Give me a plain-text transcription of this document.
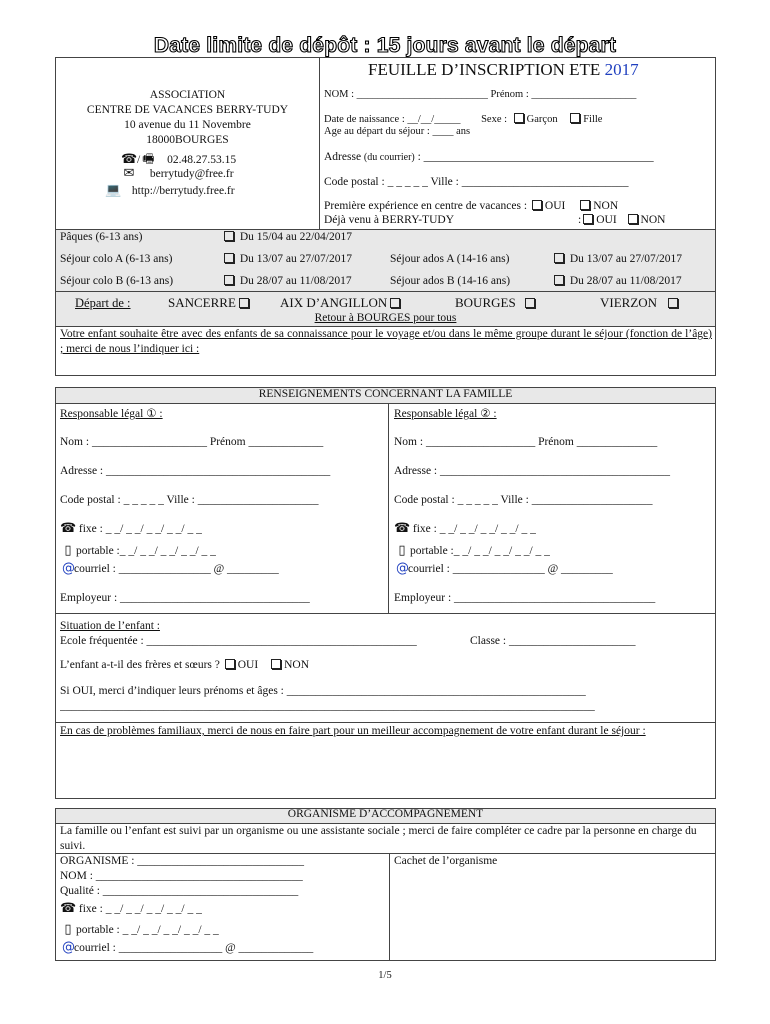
Date limite de dépôt : 15 jours avant le départ
ASSOCIATION
CENTRE DE VACANCES BERRY-TUDY
10 avenue du 11 Novembre
18000BOURGES
☎/ 🖷 02.48.27.53.15
✉ berrytudy@free.fr
💻 http://berrytudy.free.fr
FEUILLE D’INSCRIPTION ETE 2017
NOM : _________________________ Prénom : ____________________
Date de naissance : __/__/_____ Sexe : Garçon Fille
Age au départ du séjour : ____ ans
Adresse (du courrier) : ________________________________________
Code postal : _ _ _ _ _ Ville : _____________________________
Première expérience en centre de vacances : OUI NON
Déjà venu à BERRY-TUDY	: OUI NON
Pâques (6-13 ans)	Du 15/04 au 22/04/2017
Séjour colo A (6-13 ans)	Du 13/07 au 27/07/2017	Séjour ados A (14-16 ans)	Du 13/07 au 27/07/2017
Séjour colo B (6-13 ans)	Du 28/07 au 11/08/2017	Séjour ados B (14-16 ans)	Du 28/07 au 11/08/2017
Départ de :	SANCERRE	AIX D’ANGILLON	BOURGES	VIERZON
Retour à BOURGES pour tous
Votre enfant souhaite être avec des enfants de sa connaissance pour le voyage et/ou dans le même groupe durant le séjour (fonction de l’âge) ; merci de nous l’indiquer ici :
RENSEIGNEMENTS CONCERNANT LA FAMILLE
Responsable légal ① :	Responsable légal ② :
Nom : ____________________ Prénom _____________	Nom : ___________________ Prénom ______________
Adresse : _______________________________________	Adresse : ________________________________________
Code postal : _ _ _ _ _ Ville : _____________________	Code postal : _ _ _ _ _ Ville : _____________________
☎ fixe : _ _/ _ _/ _ _/ _ _/ _ _	☎ fixe : _ _/ _ _/ _ _/ _ _/ _ _
▯ portable :_ _/ _ _/ _ _/ _ _/ _ _	▯ portable :_ _/ _ _/ _ _/ _ _/ _ _
@courriel : ________________ @ _________	@courriel : ________________ @ _________
Employeur : _________________________________	Employeur : ___________________________________
Situation de l’enfant :
Ecole fréquentée : _______________________________________________	Classe : ______________________
L’enfant a-t-il des frères et sœurs ? OUI NON
Si OUI, merci d’indiquer leurs prénoms et âges : ____________________________________________________
_____________________________________________________________________________________________
En cas de problèmes familiaux, merci de nous en faire part pour un meilleur accompagnement de votre enfant durant le séjour :
ORGANISME D’ACCOMPAGNEMENT
La famille ou l’enfant est suivi par un organisme ou une assistante sociale ; merci de faire compléter ce cadre par la personne en charge du suivi.
ORGANISME : _____________________________
NOM : ____________________________________
Qualité : __________________________________
☎ fixe : _ _/ _ _/ _ _/ _ _/ _ _
▯ portable : _ _/ _ _/ _ _/ _ _/ _ _
@courriel : __________________ @ _____________
Cachet de l’organisme
1/5
